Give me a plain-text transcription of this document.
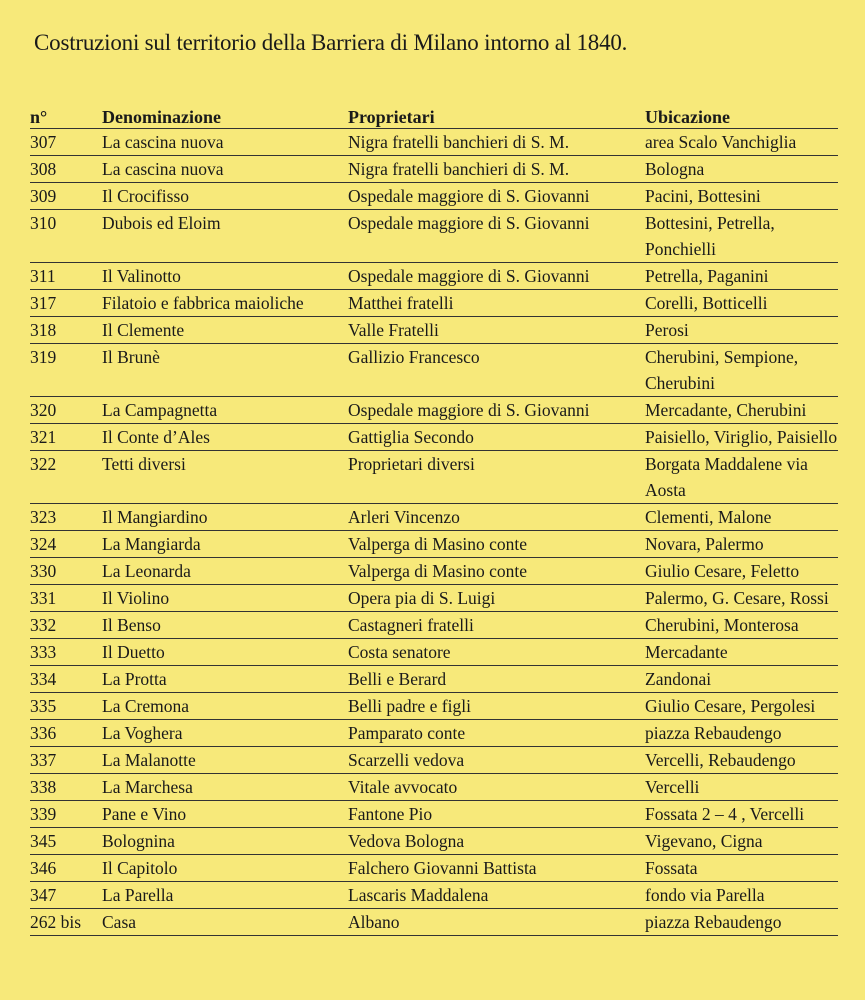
Costruzioni sul territorio della Barriera di Milano intorno al 1840.
n°	Denominazione	Proprietari	Ubicazione
307	La cascina nuova	Nigra fratelli banchieri di S. M.	area Scalo Vanchiglia
308	La cascina nuova	Nigra fratelli banchieri di S. M.	Bologna
309	Il Crocifisso	Ospedale maggiore di S. Giovanni	Pacini, Bottesini
310	Dubois ed Eloim	Ospedale maggiore di S. Giovanni	Bottesini, Petrella, Ponchielli
311	Il Valinotto	Ospedale maggiore di S. Giovanni	Petrella, Paganini
317	Filatoio e fabbrica maioliche	Matthei fratelli	Corelli, Botticelli
318	Il Clemente	Valle Fratelli	Perosi
319	Il Brunè	Gallizio Francesco	Cherubini, Sempione, Cherubini
320	La Campagnetta	Ospedale maggiore di S. Giovanni	Mercadante, Cherubini
321	Il Conte d’Ales	Gattiglia Secondo	Paisiello, Viriglio, Paisiello
322	Tetti diversi	Proprietari diversi	Borgata Maddalene via Aosta
323	Il Mangiardino	Arleri Vincenzo	Clementi, Malone
324	La Mangiarda	Valperga di Masino conte	Novara, Palermo
330	La Leonarda	Valperga di Masino conte	Giulio Cesare, Feletto
331	Il Violino	Opera pia di S. Luigi	Palermo, G. Cesare, Rossi
332	Il Benso	Castagneri fratelli	Cherubini, Monterosa
333	Il Duetto	Costa senatore	Mercadante
334	La Protta	Belli e Berard	Zandonai
335	La Cremona	Belli padre e figli	Giulio Cesare, Pergolesi
336	La Voghera	Pamparato conte	piazza Rebaudengo
337	La Malanotte	Scarzelli vedova	Vercelli, Rebaudengo
338	La Marchesa	Vitale avvocato	Vercelli
339	Pane e Vino	Fantone Pio	Fossata 2 – 4 , Vercelli
345	Bolognina	Vedova Bologna	Vigevano, Cigna
346	Il Capitolo	Falchero Giovanni Battista	Fossata
347	La Parella	Lascaris Maddalena	fondo via Parella
262 bis	Casa	Albano	piazza Rebaudengo
